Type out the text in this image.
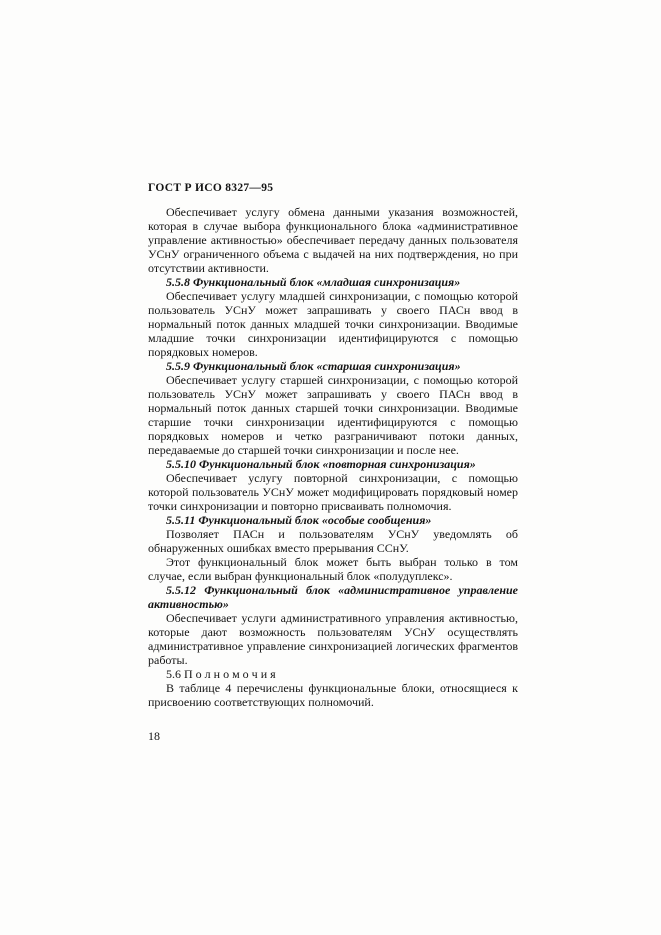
ГОСТ Р ИСО 8327—95

Обеспечивает услугу обмена данными указания возможностей, которая в случае выбора функционального блока «административное управление активностью» обеспечивает передачу данных пользователя УСнУ ограниченного объема с выдачей на них подтверждения, но при отсутствии активности.

5.5.8 Функциональный блок «младшая синхронизация»

Обеспечивает услугу младшей синхронизации, с помощью которой пользователь УСнУ может запрашивать у своего ПАСн ввод в нормальный поток данных младшей точки синхронизации. Вводимые младшие точки синхронизации идентифицируются с помощью порядковых номеров.

5.5.9 Функциональный блок «старшая синхронизация»

Обеспечивает услугу старшей синхронизации, с помощью которой пользователь УСнУ может запрашивать у своего ПАСн ввод в нормальный поток данных старшей точки синхронизации. Вводимые старшие точки синхронизации идентифицируются с помощью порядковых номеров и четко разграничивают потоки данных, передаваемые до старшей точки синхронизации и после нее.

5.5.10 Функциональный блок «повторная синхронизация»

Обеспечивает услугу повторной синхронизации, с помощью которой пользователь УСнУ может модифицировать порядковый номер точки синхронизации и повторно присваивать полномочия.

5.5.11 Функциональный блок «особые сообщения»

Позволяет ПАСн и пользователям УСнУ уведомлять об обнаруженных ошибках вместо прерывания ССнУ.

Этот функциональный блок может быть выбран только в том случае, если выбран функциональный блок «полудуплекс».

5.5.12 Функциональный блок «административное управление активностью»

Обеспечивает услуги административного управления активностью, которые дают возможность пользователям УСнУ осуществлять административное управление синхронизацией логических фрагментов работы.

5.6 П о л н о м о ч и я

В таблице 4 перечислены функциональные блоки, относящиеся к присвоению соответствующих полномочий.

18
